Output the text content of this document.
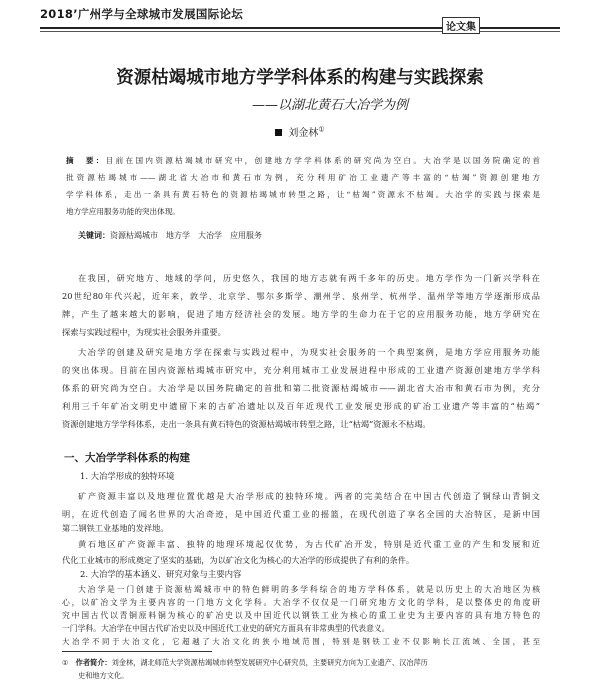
2018’广州学与全球城市发展国际论坛
论文集
资源枯竭城市地方学学科体系的构建与实践探索
——以湖北黄石大冶学为例
刘金林①
摘　要：目前在国内资源枯竭城市研究中，创建地方学学科体系的研究尚为空白。大冶学是以国务院确定的首
批资源枯竭城市——湖北省大冶市和黄石市为例，充分利用矿冶工业遗产等丰富的“枯竭”资源创建地方
学学科体系，走出一条具有黄石特色的资源枯竭城市转型之路，让“枯竭”资源永不枯竭。大冶学的实践与探索是
地方学应用服务功能的突出体现。
关键词：资源枯竭城市　地方学　大冶学　应用服务
在我国，研究地方、地域的学问，历史悠久，我国的地方志就有两千多年的历史。地方学作为一门新兴学科在
20世纪80年代兴起，近年来，敦学、北京学、鄂尔多斯学、潮州学、泉州学、杭州学、温州学等地方学逐渐形成品
牌，产生了越来越大的影响，促进了地方经济社会的发展。地方学的生命力在于它的应用服务功能，地方学研究在
探索与实践过程中，为现实社会服务并重要。
大冶学的创建及研究是地方学在探索与实践过程中，为现实社会服务的一个典型案例，是地方学应用服务功能
的突出体现。目前在国内资源枯竭城市研究中，充分利用城市工业发展进程中形成的工业遗产资源创建地方学学科
体系的研究尚为空白。大冶学是以国务院确定的首批和第二批资源枯竭城市——湖北省大冶市和黄石市为例，充分
利用三千年矿冶文明史中遗留下来的古矿冶遗址以及百年近现代工业发展史形成的矿冶工业遗产等丰富的“枯竭”
资源创建地方学学科体系，走出一条具有黄石特色的资源枯竭城市转型之路，让“枯竭”资源永不枯竭。
一、大冶学学科体系的构建
1. 大冶学形成的独特环境
矿产资源丰富以及地理位置优越是大冶学形成的独特环境。两者的完美结合在中国古代创造了铜绿山青铜文
明，在近代创造了闻名世界的大冶奇迹，是中国近代重工业的摇篮，在现代创造了享名全国的大冶特区，是新中国
第二钢铁工业基地的发祥地。
黄石地区矿产资源丰富、独特的地理环境起仅优势，为古代矿冶开发，特别是近代重工业的产生和发展和近
代化工业城市的形成奠定了坚实的基础，为以矿冶文化为核心的大冶学的形成提供了有利的条件。
2. 大冶学的基本涵义、研究对象与主要内容
大冶学是一门创建于资源枯竭城市中的特色鲜明的多学科综合的地方学科体系，就是以历史上的大冶地区为核
心，以矿冶文学为主要内容的一门地方文化学科。大冶学不仅仅是一门研究地方文化的学科，是以整体史的角度研
究中国古代以青铜原料铜为核心的矿冶史以及中国近代以钢铁工业为核心的重工业史为主要内容的具有地方特色的
①　 作者简介：刘金林，湖北师范大学资源枯竭城市转型发展研究中心研究员，主要研究方向为工业遗产、汉冶萍历
史和地方文化。
一门学科。大冶学在中国古代矿冶史以及中国近代工业史的研究方面具有非常典型的代表意义。
大冶学不同于大冶文化，它超越了大冶文化的狭小地域范围，特别是钢铁工业不仅影响长江流域、全国，甚至
